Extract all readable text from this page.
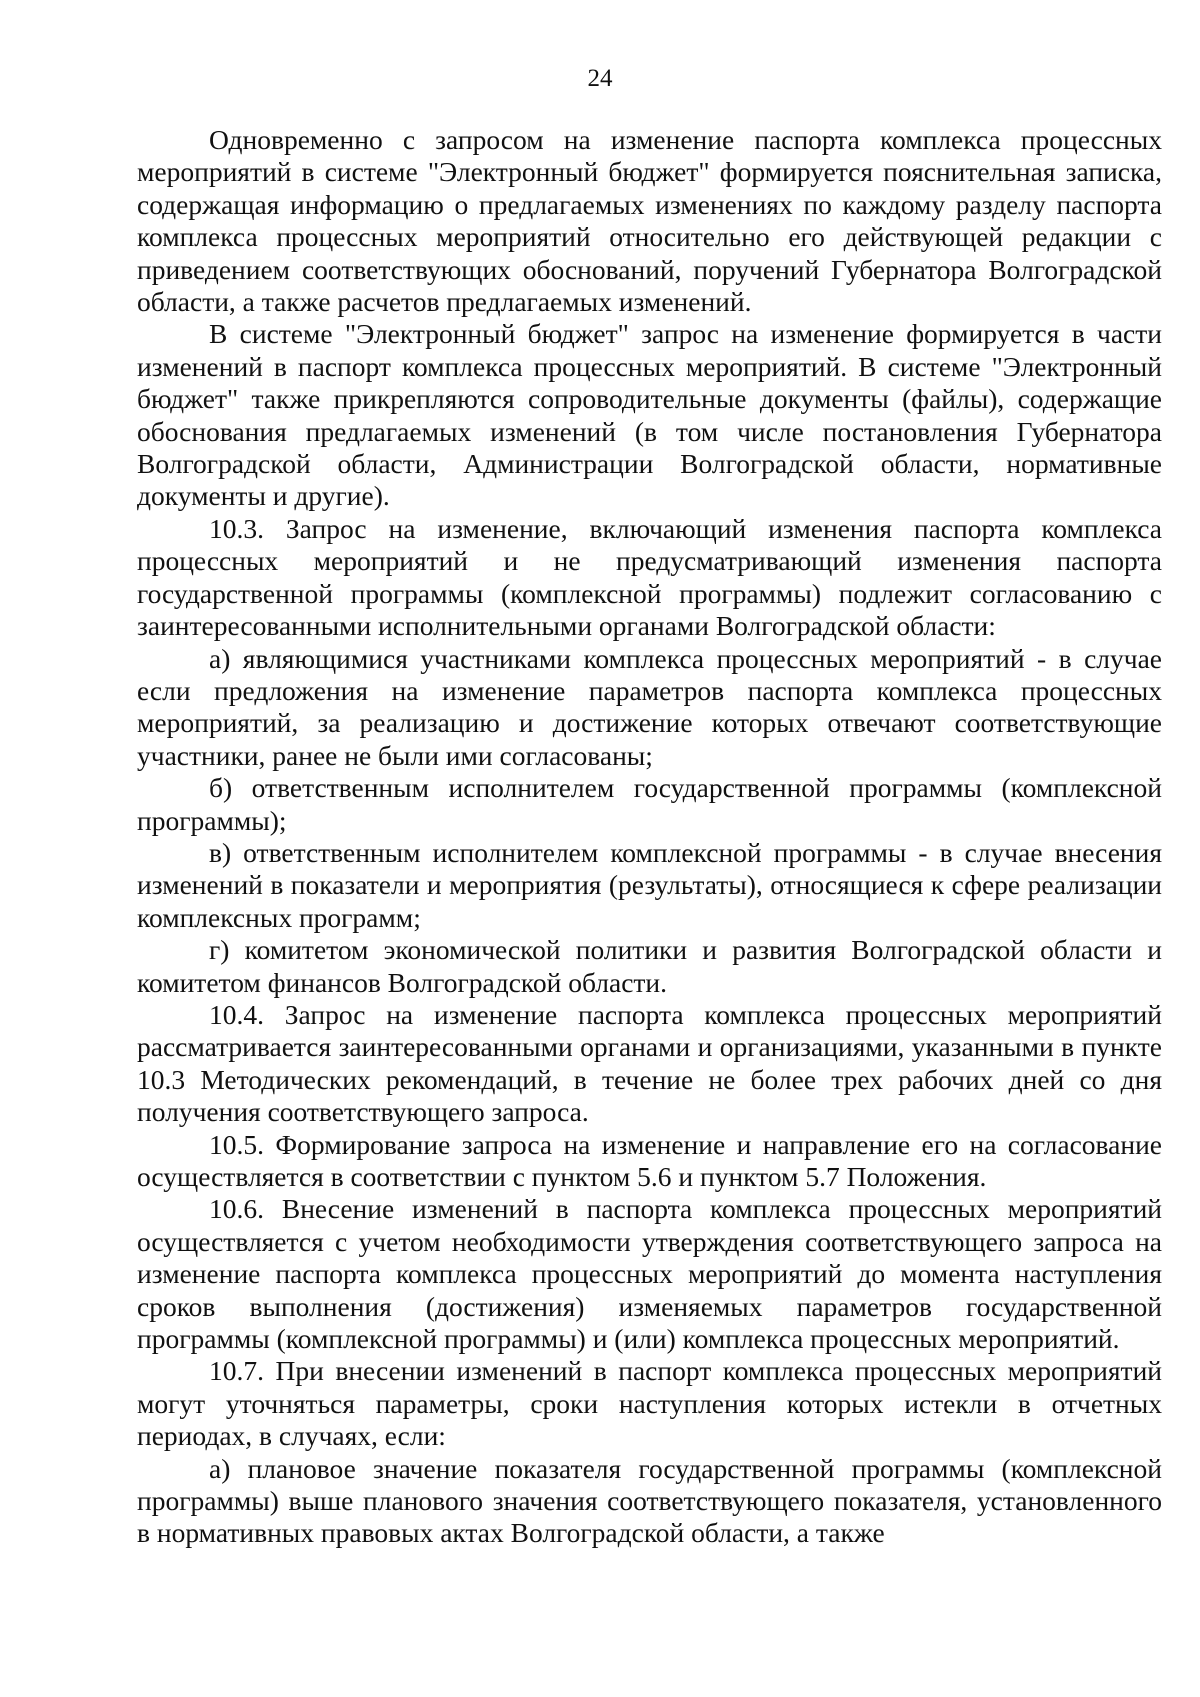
24

Одновременно с запросом на изменение паспорта комплекса процессных мероприятий в системе "Электронный бюджет" формируется пояснительная записка, содержащая информацию о предлагаемых изменениях по каждому разделу паспорта комплекса процессных мероприятий относительно его действующей редакции с приведением соответствующих обоснований, поручений Губернатора Волгоградской области, а также расчетов предлагаемых изменений.

В системе "Электронный бюджет" запрос на изменение формируется в части изменений в паспорт комплекса процессных мероприятий. В системе "Электронный бюджет" также прикрепляются сопроводительные документы (файлы), содержащие обоснования предлагаемых изменений (в том числе постановления Губернатора Волгоградской области, Администрации Волгоградской области, нормативные документы и другие).

10.3. Запрос на изменение, включающий изменения паспорта комплекса процессных мероприятий и не предусматривающий изменения паспорта государственной программы (комплексной программы) подлежит согласованию с заинтересованными исполнительными органами Волгоградской области:

а) являющимися участниками комплекса процессных мероприятий - в случае если предложения на изменение параметров паспорта комплекса процессных мероприятий, за реализацию и достижение которых отвечают соответствующие участники, ранее не были ими согласованы;

б) ответственным исполнителем государственной программы (комплексной программы);

в) ответственным исполнителем комплексной программы - в случае внесения изменений в показатели и мероприятия (результаты), относящиеся к сфере реализации комплексных программ;

г) комитетом экономической политики и развития Волгоградской области и комитетом финансов Волгоградской области.

10.4. Запрос на изменение паспорта комплекса процессных мероприятий рассматривается заинтересованными органами и организациями, указанными в пункте 10.3 Методических рекомендаций, в течение не более трех рабочих дней со дня получения соответствующего запроса.

10.5. Формирование запроса на изменение и направление его на согласование осуществляется в соответствии с пунктом 5.6 и пунктом 5.7 Положения.

10.6. Внесение изменений в паспорта комплекса процессных мероприятий осуществляется с учетом необходимости утверждения соответствующего запроса на изменение паспорта комплекса процессных мероприятий до момента наступления сроков выполнения (достижения) изменяемых параметров государственной программы (комплексной программы) и (или) комплекса процессных мероприятий.

10.7. При внесении изменений в паспорт комплекса процессных мероприятий могут уточняться параметры, сроки наступления которых истекли в отчетных периодах, в случаях, если:

а) плановое значение показателя государственной программы (комплексной программы) выше планового значения соответствующего показателя, установленного в нормативных правовых актах Волгоградской области, а также
